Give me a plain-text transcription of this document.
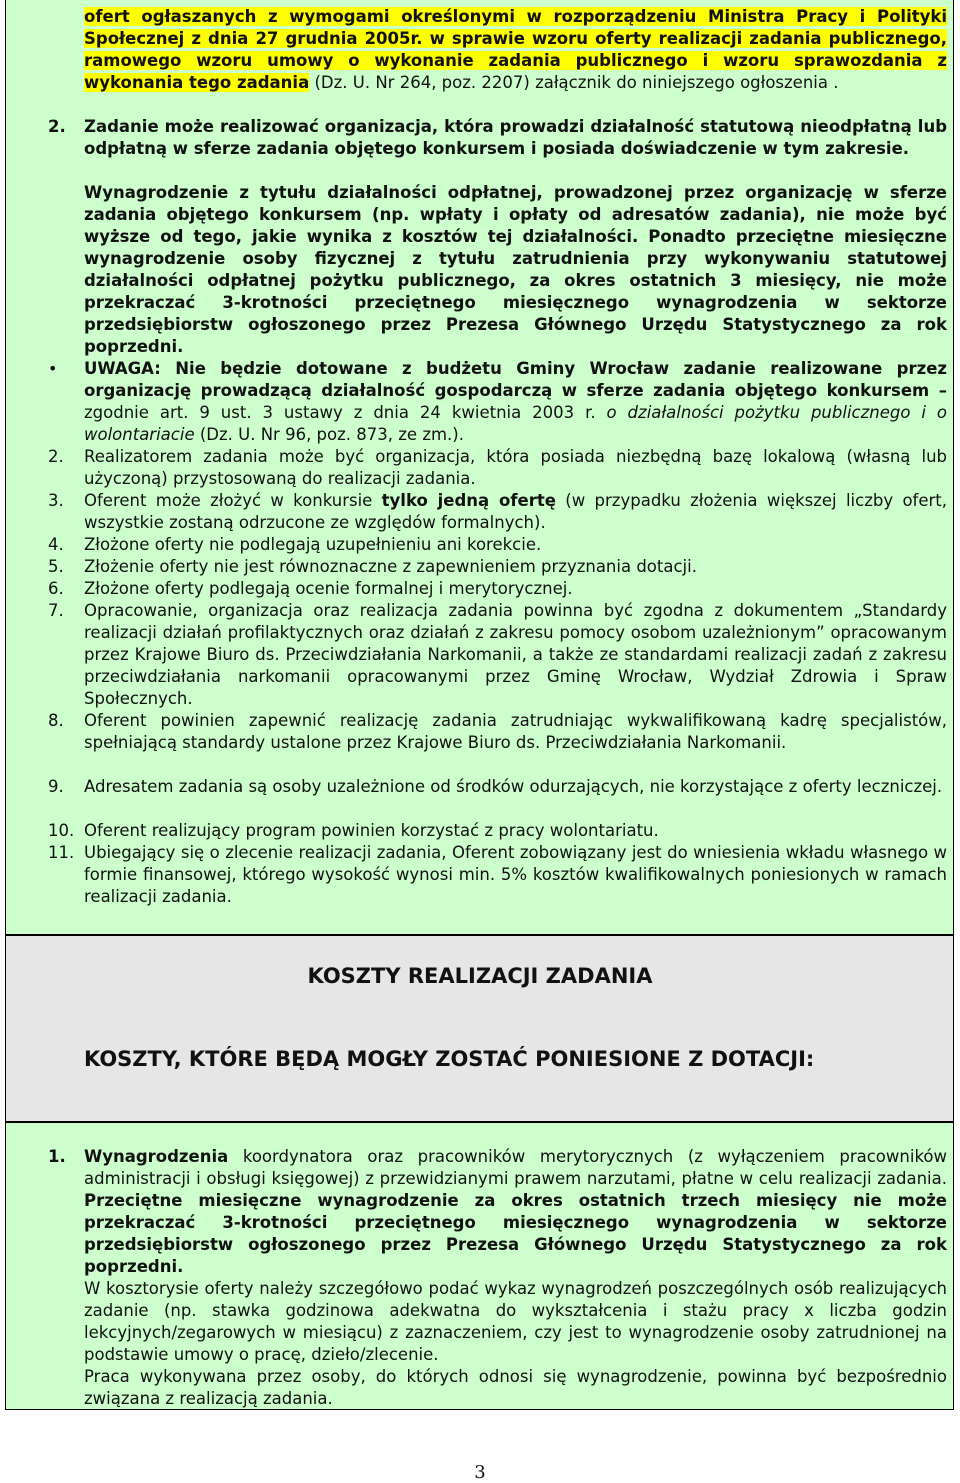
ofert ogłaszanych z wymogami określonymi w rozporządzeniu Ministra Pracy i Polityki Społecznej z dnia 27 grudnia 2005r. w sprawie wzoru oferty realizacji zadania publicznego, ramowego wzoru umowy o wykonanie zadania publicznego i wzoru sprawozdania z wykonania tego zadania (Dz. U. Nr 264, poz. 2207) załącznik do niniejszego ogłoszenia .

2. Zadanie może realizować organizacja, która prowadzi działalność statutową nieodpłatną lub odpłatną w sferze zadania objętego konkursem i posiada doświadczenie w tym zakresie.

Wynagrodzenie z tytułu działalności odpłatnej, prowadzonej przez organizację w sferze zadania objętego konkursem (np. wpłaty i opłaty od adresatów zadania), nie może być wyższe od tego, jakie wynika z kosztów tej działalności. Ponadto przeciętne miesięczne wynagrodzenie osoby fizycznej z tytułu zatrudnienia przy wykonywaniu statutowej działalności odpłatnej pożytku publicznego, za okres ostatnich 3 miesięcy, nie może przekraczać 3-krotności przeciętnego miesięcznego wynagrodzenia w sektorze przedsiębiorstw ogłoszonego przez Prezesa Głównego Urzędu Statystycznego za rok poprzedni.

• UWAGA: Nie będzie dotowane z budżetu Gminy Wrocław zadanie realizowane przez organizację prowadzącą działalność gospodarczą w sferze zadania objętego konkursem – zgodnie art. 9 ust. 3 ustawy z dnia 24 kwietnia 2003 r. o działalności pożytku publicznego i o wolontariacie (Dz. U. Nr 96, poz. 873, ze zm.).

2. Realizatorem zadania może być organizacja, która posiada niezbędną bazę lokalową (własną lub użyczoną) przystosowaną do realizacji zadania.

3. Oferent może złożyć w konkursie tylko jedną ofertę (w przypadku złożenia większej liczby ofert, wszystkie zostaną odrzucone ze względów formalnych).

4. Złożone oferty nie podlegają uzupełnieniu ani korekcie.

5. Złożenie oferty nie jest równoznaczne z zapewnieniem przyznania dotacji.

6. Złożone oferty podlegają ocenie formalnej i merytorycznej.

7. Opracowanie, organizacja oraz realizacja zadania powinna być zgodna z dokumentem „Standardy realizacji działań profilaktycznych oraz działań z zakresu pomocy osobom uzależnionym” opracowanym przez Krajowe Biuro ds. Przeciwdziałania Narkomanii, a także ze standardami realizacji zadań z zakresu przeciwdziałania narkomanii opracowanymi przez Gminę Wrocław, Wydział Zdrowia i Spraw Społecznych.

8. Oferent powinien zapewnić realizację zadania zatrudniając wykwalifikowaną kadrę specjalistów, spełniającą standardy ustalone przez Krajowe Biuro ds. Przeciwdziałania Narkomanii.

9. Adresatem zadania są osoby uzależnione od środków odurzających, nie korzystające z oferty leczniczej.

10. Oferent realizujący program powinien korzystać z pracy wolontariatu.

11. Ubiegający się o zlecenie realizacji zadania, Oferent zobowiązany jest do wniesienia wkładu własnego w formie finansowej, którego wysokość wynosi min. 5% kosztów kwalifikowalnych poniesionych w ramach realizacji zadania.

KOSZTY REALIZACJI ZADANIA
KOSZTY, KTÓRE BĘDĄ MOGŁY ZOSTAĆ PONIESIONE Z DOTACJI:
1. Wynagrodzenia koordynatora oraz pracowników merytorycznych (z wyłączeniem pracowników administracji i obsługi księgowej) z przewidzianymi prawem narzutami, płatne w celu realizacji zadania. Przeciętne miesięczne wynagrodzenie za okres ostatnich trzech miesięcy nie może przekraczać 3-krotności przeciętnego miesięcznego wynagrodzenia w sektorze przedsiębiorstw ogłoszonego przez Prezesa Głównego Urzędu Statystycznego za rok poprzedni.

W kosztorysie oferty należy szczegółowo podać wykaz wynagrodzeń poszczególnych osób realizujących zadanie (np. stawka godzinowa adekwatna do wykształcenia i stażu pracy x liczba godzin lekcyjnych/zegarowych w miesiącu) z zaznaczeniem, czy jest to wynagrodzenie osoby zatrudnionej na podstawie umowy o pracę, dzieło/zlecenie.

Praca wykonywana przez osoby, do których odnosi się wynagrodzenie, powinna być bezpośrednio związana z realizacją zadania.

3
